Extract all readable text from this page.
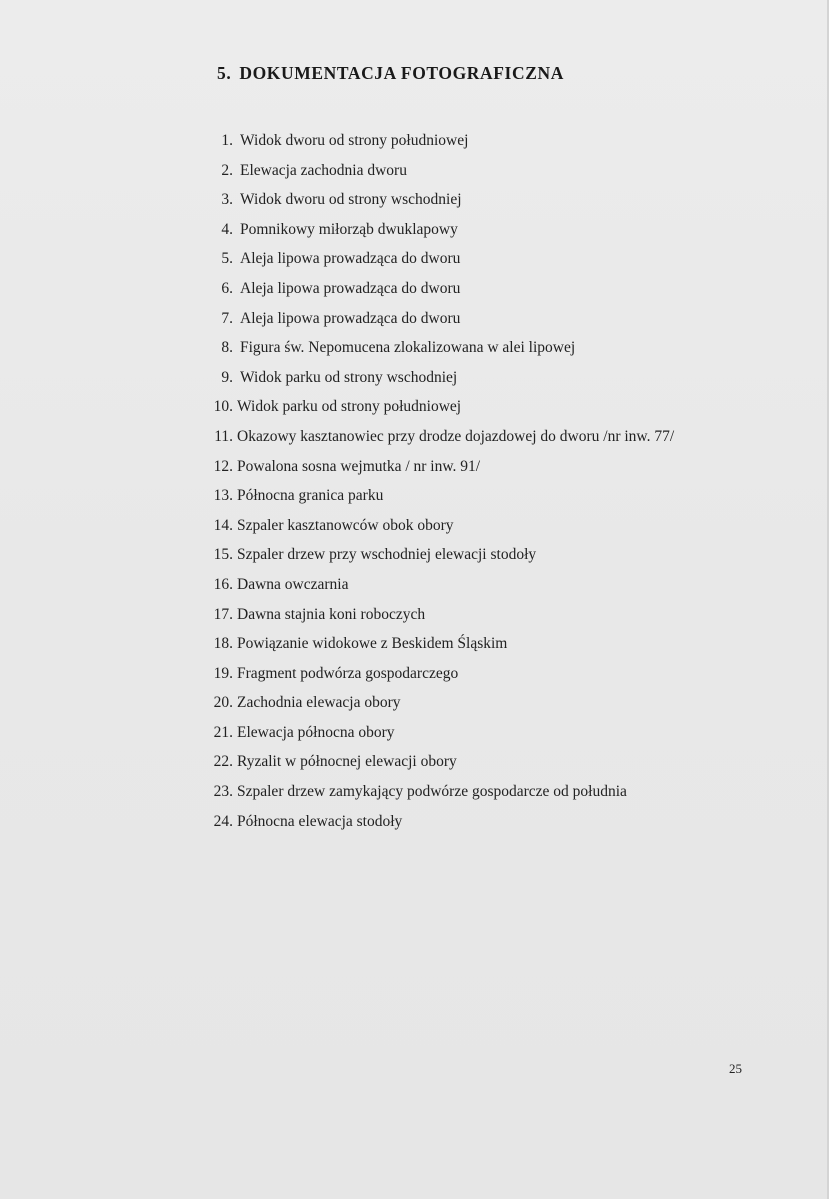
5. DOKUMENTACJA FOTOGRAFICZNA
1. Widok dworu od strony południowej
2. Elewacja zachodnia dworu
3. Widok dworu od strony wschodniej
4. Pomnikowy miłorząb dwuklapowy
5. Aleja lipowa prowadząca do dworu
6. Aleja lipowa prowadząca do dworu
7. Aleja lipowa prowadząca do dworu
8. Figura św. Nepomucena zlokalizowana w alei lipowej
9. Widok parku od strony wschodniej
10. Widok parku od strony południowej
11. Okazowy kasztanowiec przy drodze dojazdowej do dworu /nr inw. 77/
12. Powalona sosna wejmutka / nr inw. 91/
13. Północna granica parku
14. Szpaler kasztanowców obok obory
15. Szpaler drzew przy wschodniej elewacji stodoły
16. Dawna owczarnia
17. Dawna stajnia koni roboczych
18. Powiązanie widokowe z Beskidem Śląskim
19. Fragment podwórza gospodarczego
20. Zachodnia elewacja obory
21. Elewacja północna obory
22. Ryzalit w północnej elewacji obory
23. Szpaler drzew zamykający podwórze gospodarcze od południa
24. Północna elewacja stodoły
25
